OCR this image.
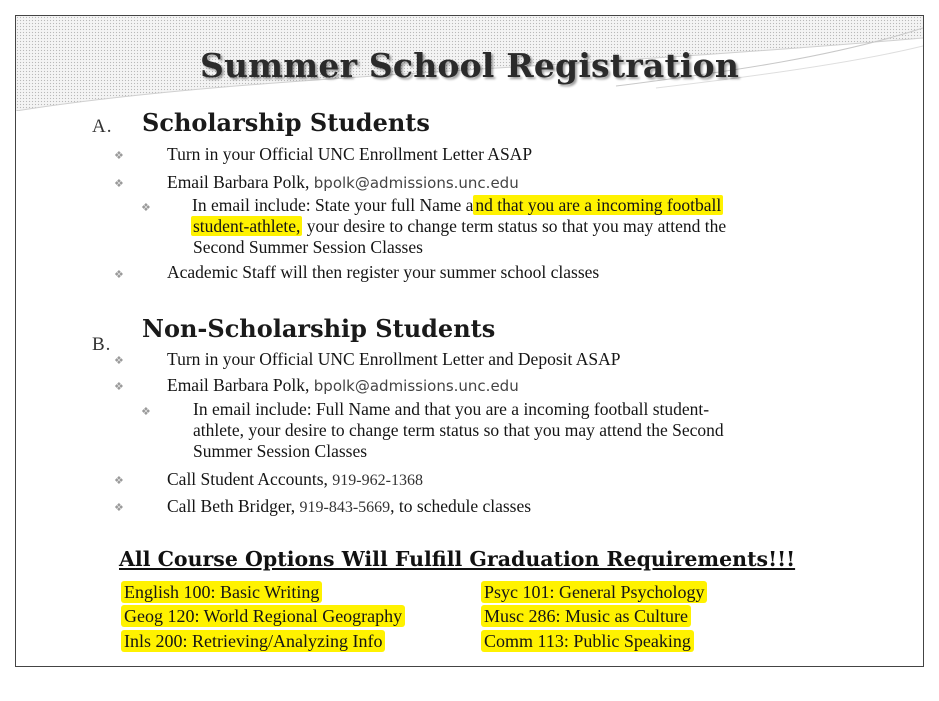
Summer School Registration
A. Scholarship Students
❖ Turn in your Official UNC Enrollment Letter ASAP
❖ Email Barbara Polk, bpolk@admissions.unc.edu
❖ In email include: State your full Name a nd that you are a incoming football
student-athlete, your desire to change term status so that you may attend the
Second Summer Session Classes
❖ Academic Staff will then register your summer school classes
B.
Non-Scholarship Students
❖ Turn in your Official UNC Enrollment Letter and Deposit ASAP
❖ Email Barbara Polk, bpolk@admissions.unc.edu
❖ In email include: Full Name and that you are a incoming football student-
athlete, your desire to change term status so that you may attend the Second
Summer Session Classes
❖ Call Student Accounts, 919-962-1368
❖ Call Beth Bridger, 919-843-5669, to schedule classes
All Course Options Will Fulfill Graduation Requirements!!!
English 100: Basic Writing
Geog 120: World Regional Geography
Inls 200: Retrieving/Analyzing Info
Psyc 101: General Psychology
Musc 286: Music as Culture
Comm 113: Public Speaking
